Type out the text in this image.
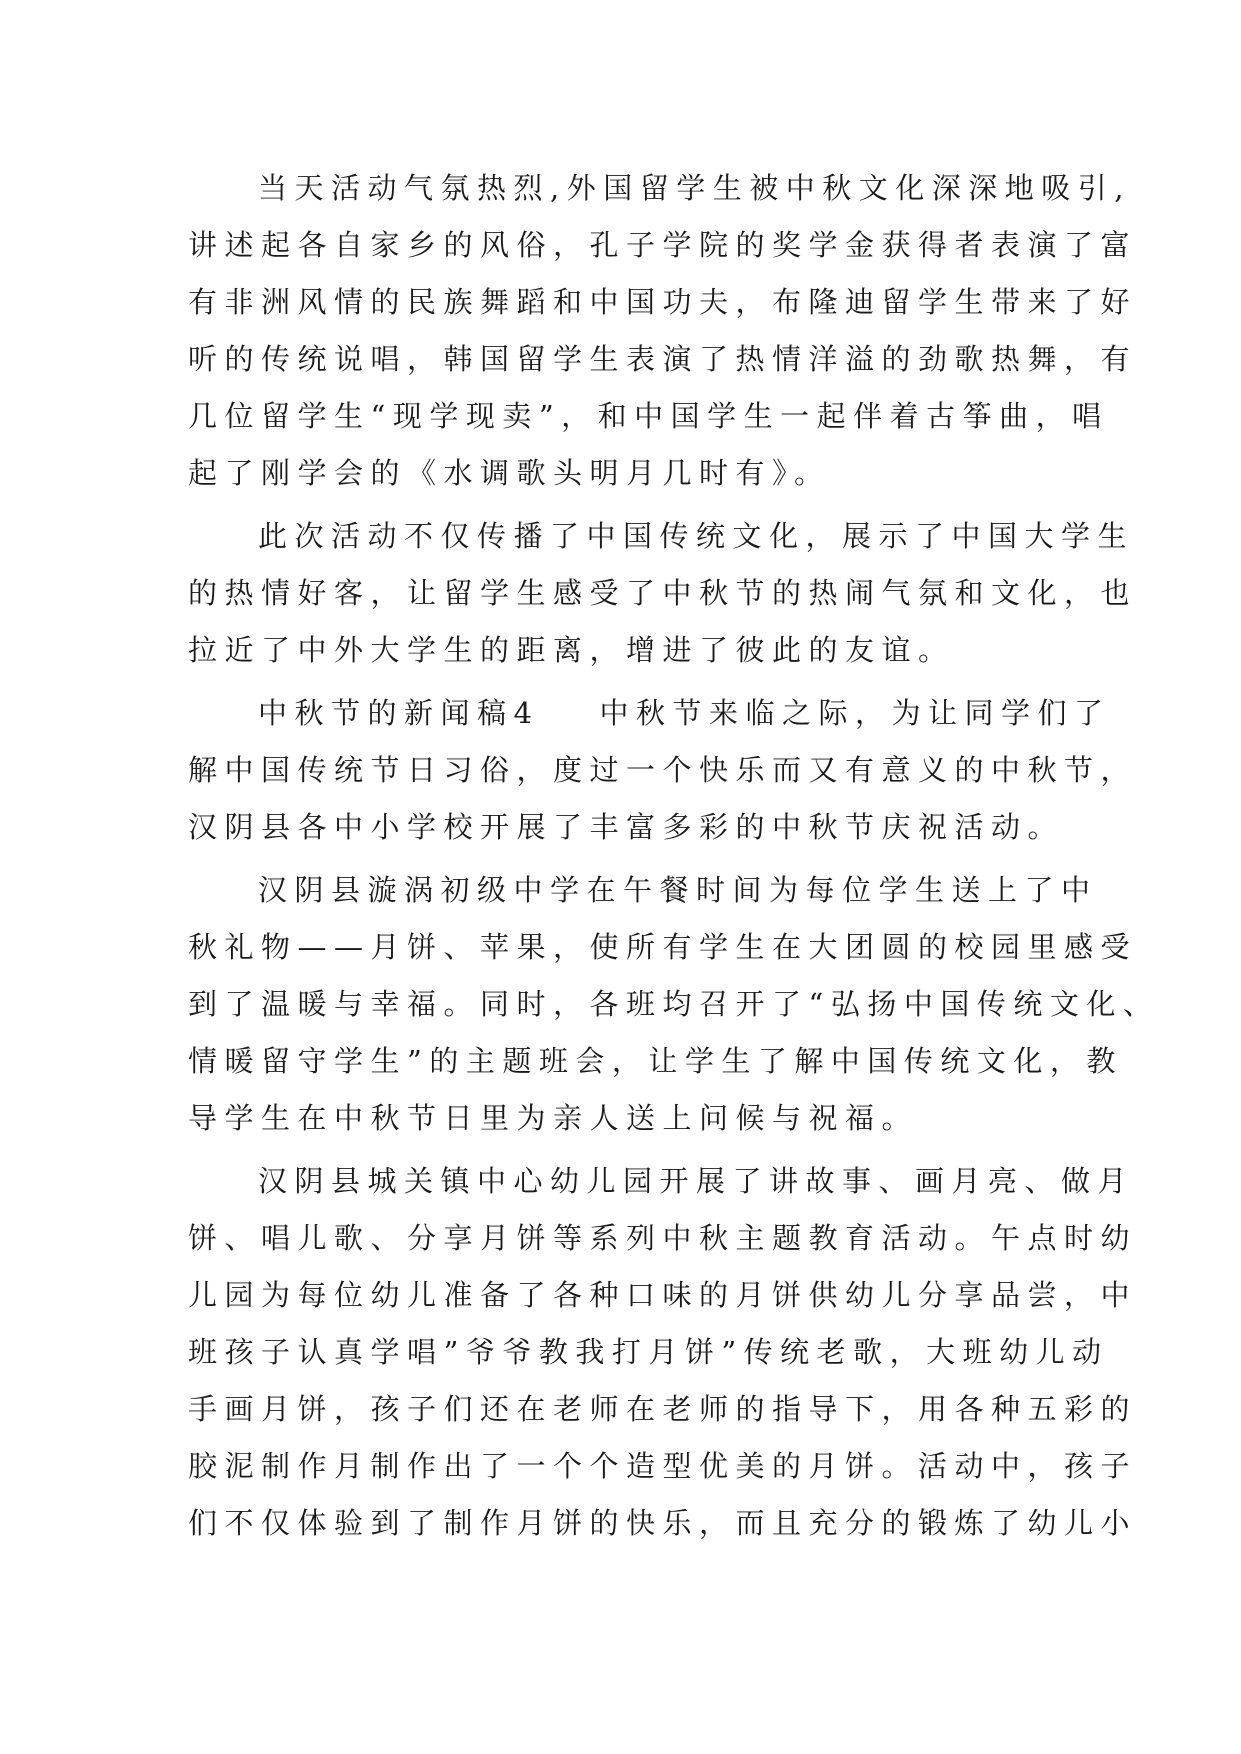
当天活动气氛热烈,外国留学生被中秋文化深深地吸引,
讲述起各自家乡的风俗，孔子学院的奖学金获得者表演了富
有非洲风情的民族舞蹈和中国功夫，布隆迪留学生带来了好
听的传统说唱，韩国留学生表演了热情洋溢的劲歌热舞，有
几位留学生“现学现卖”，和中国学生一起伴着古筝曲，唱
起了刚学会的《水调歌头明月几时有》。
此次活动不仅传播了中国传统文化，展示了中国大学生
的热情好客，让留学生感受了中秋节的热闹气氛和文化，也
拉近了中外大学生的距离，增进了彼此的友谊。
中秋节的新闻稿4 中秋节来临之际，为让同学们了
解中国传统节日习俗，度过一个快乐而又有意义的中秋节，
汉阴县各中小学校开展了丰富多彩的中秋节庆祝活动。
汉阴县漩涡初级中学在午餐时间为每位学生送上了中
秋礼物——月饼、苹果，使所有学生在大团圆的校园里感受
到了温暖与幸福。同时，各班均召开了“弘扬中国传统文化、
情暖留守学生”的主题班会，让学生了解中国传统文化，教
导学生在中秋节日里为亲人送上问候与祝福。
汉阴县城关镇中心幼儿园开展了讲故事、画月亮、做月
饼、唱儿歌、分享月饼等系列中秋主题教育活动。午点时幼
儿园为每位幼儿准备了各种口味的月饼供幼儿分享品尝，中
班孩子认真学唱”爷爷教我打月饼”传统老歌，大班幼儿动
手画月饼，孩子们还在老师在老师的指导下，用各种五彩的
胶泥制作月制作出了一个个造型优美的月饼。活动中，孩子
们不仅体验到了制作月饼的快乐，而且充分的锻炼了幼儿小
